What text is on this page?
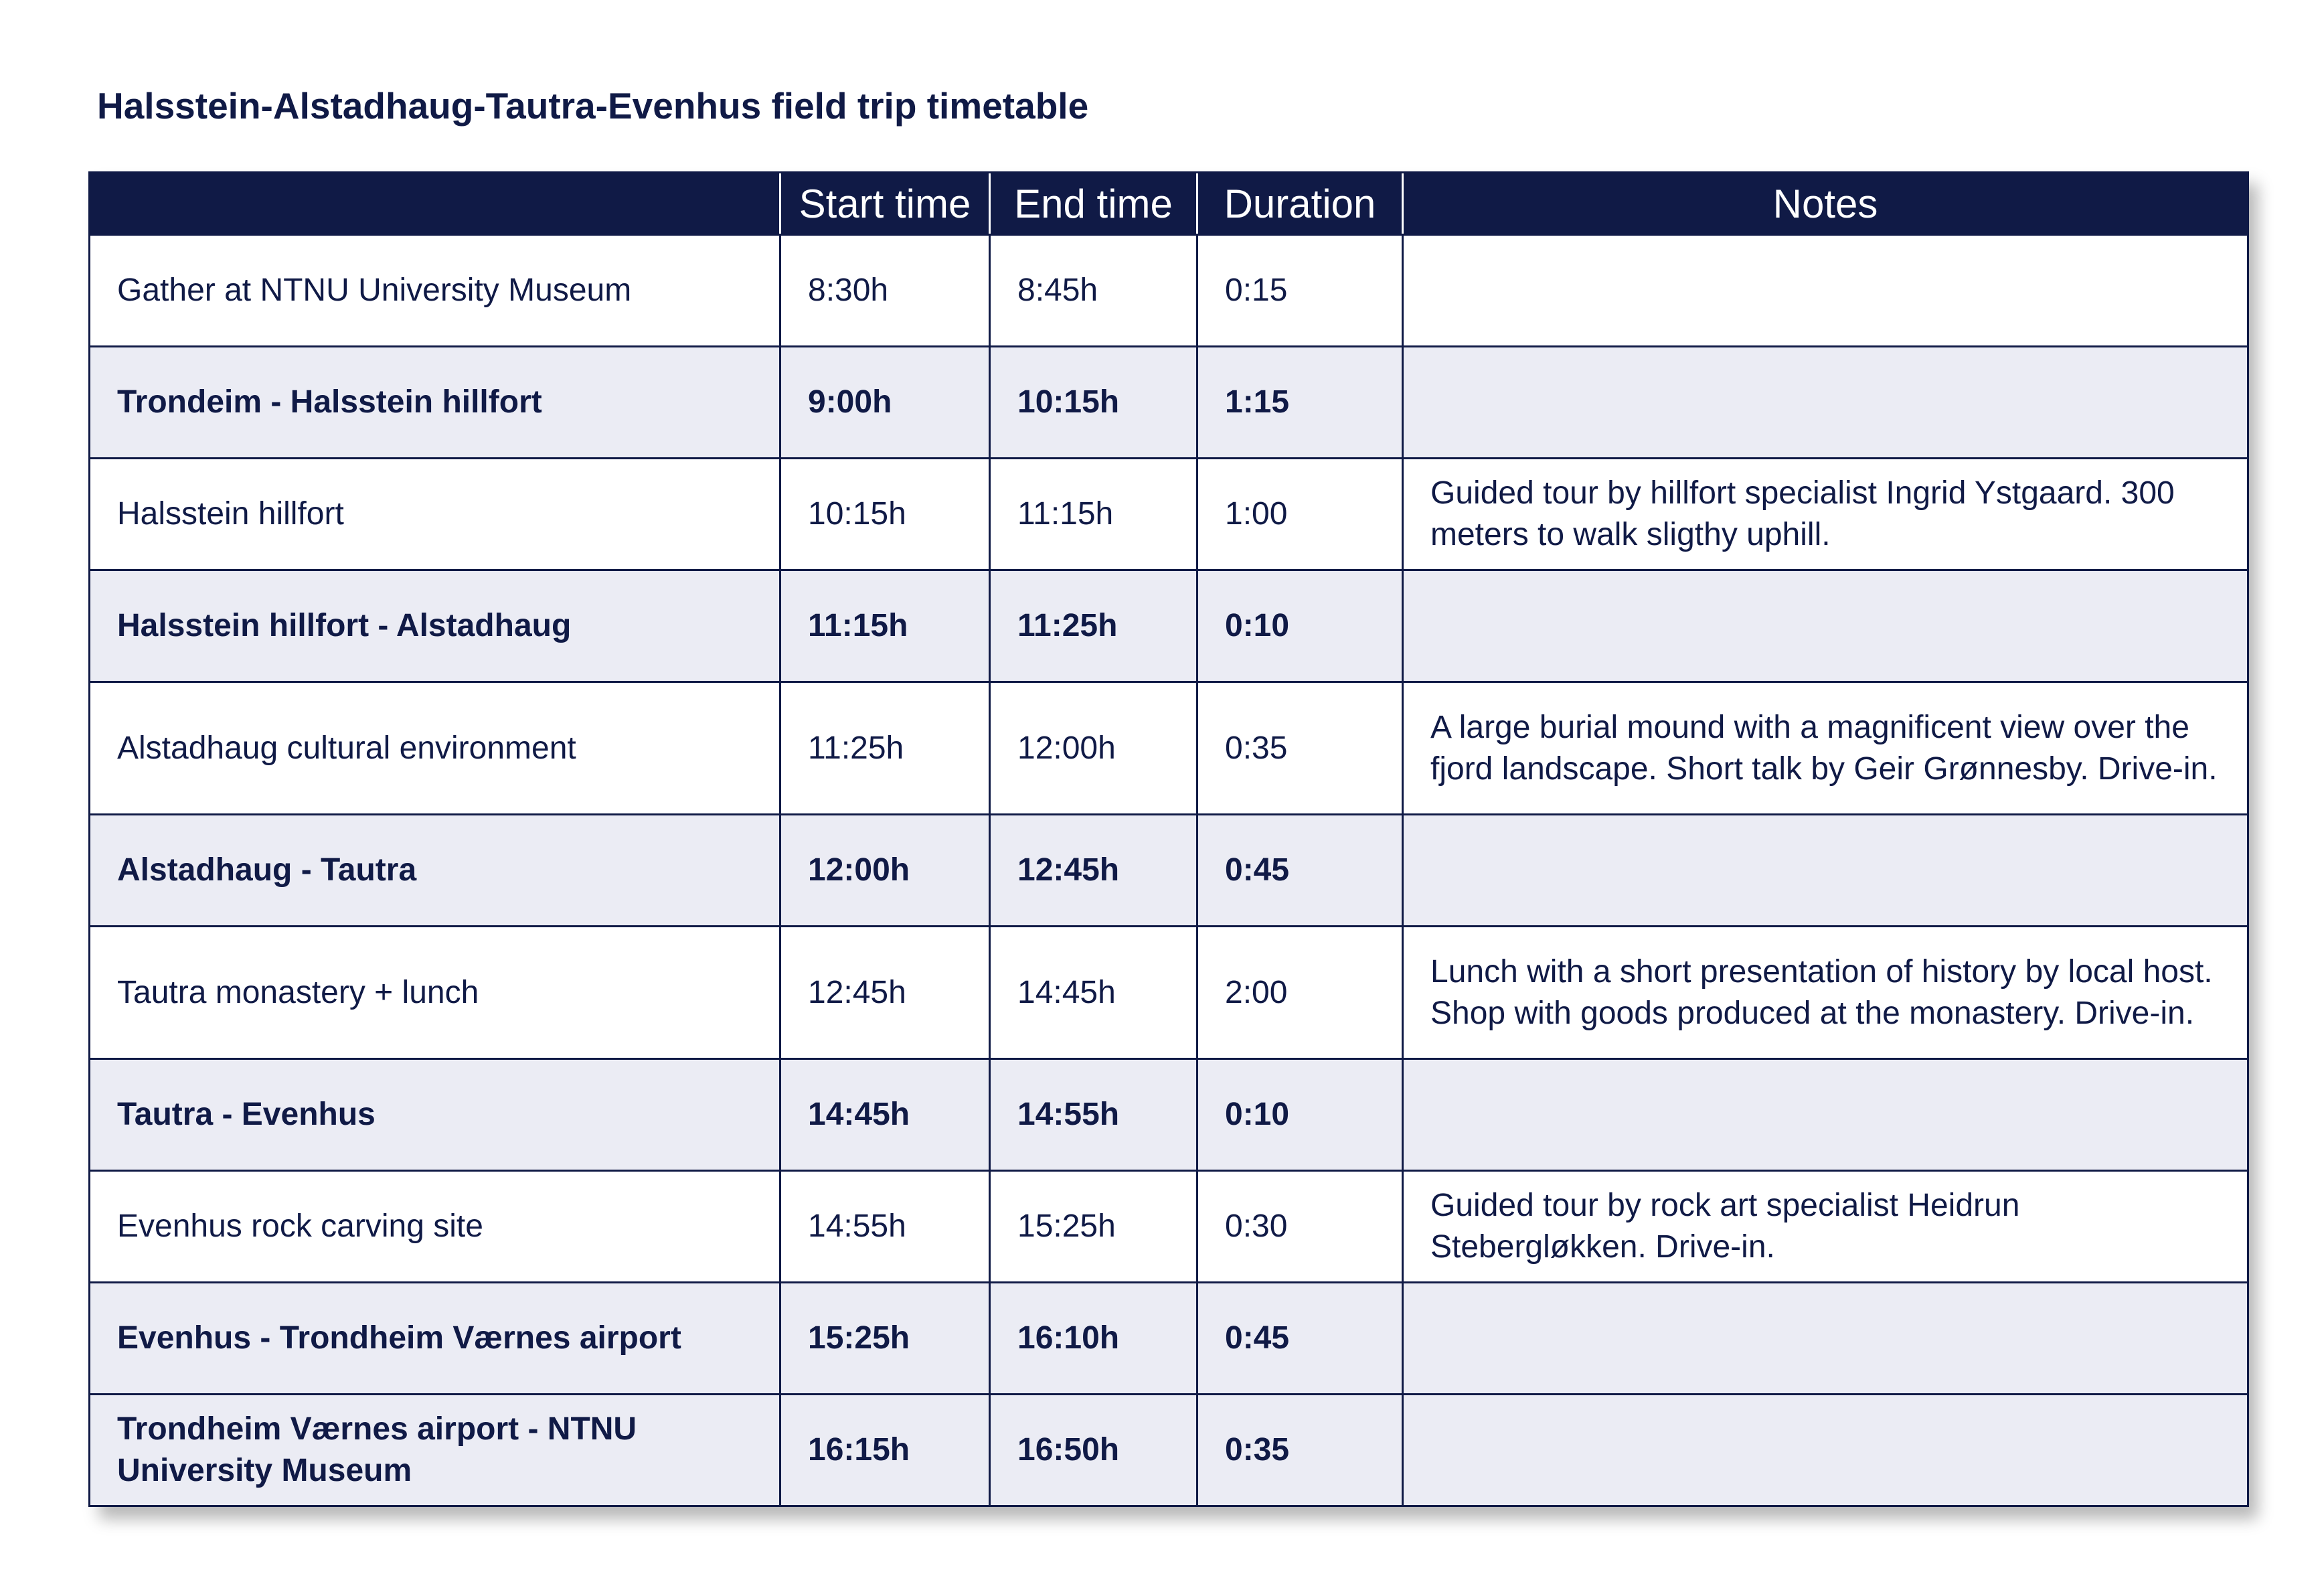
Halsstein-Alstadhaug-Tautra-Evenhus field trip timetable
	Start time	End time	Duration	Notes
Gather at NTNU University Museum	8:30h	8:45h	0:15	
Trondeim - Halsstein hillfort	9:00h	10:15h	1:15	
Halsstein hillfort	10:15h	11:15h	1:00	Guided tour by hillfort specialist Ingrid Ystgaard. 300 meters to walk sligthy uphill.
Halsstein hillfort - Alstadhaug	11:15h	11:25h	0:10	
Alstadhaug cultural environment	11:25h	12:00h	0:35	A large burial mound with a magnificent view over the fjord landscape. Short talk by Geir Grønnesby. Drive-in.
Alstadhaug - Tautra	12:00h	12:45h	0:45	
Tautra monastery + lunch	12:45h	14:45h	2:00	Lunch with a short presentation of history by local host. Shop with goods produced at the monastery. Drive-in.
Tautra - Evenhus	14:45h	14:55h	0:10	
Evenhus rock carving site	14:55h	15:25h	0:30	Guided tour by rock art specialist Heidrun Stebergløkken. Drive-in.
Evenhus - Trondheim Værnes airport	15:25h	16:10h	0:45	
Trondheim Værnes airport - NTNU University Museum	16:15h	16:50h	0:35	
